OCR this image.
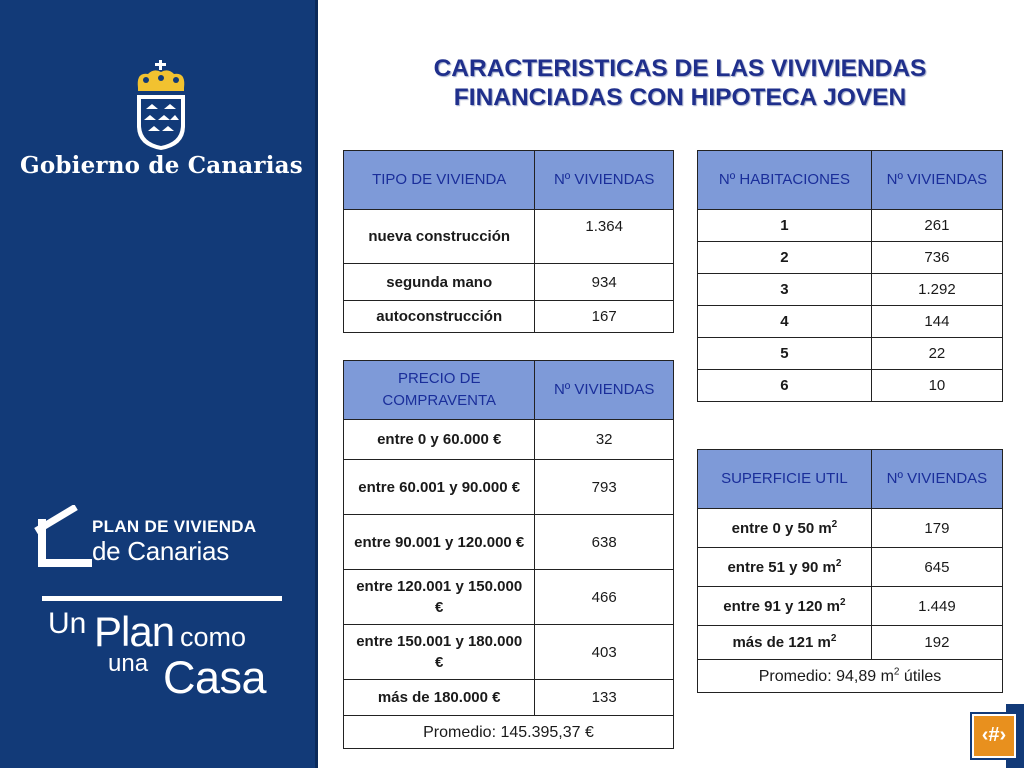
Gobierno de Canarias
PLAN DE VIVIENDA
de Canarias
Un Plan como
una Casa
CARACTERISTICAS DE LAS VIVIVIENDAS
FINANCIADAS CON HIPOTECA JOVEN
TIPO DE VIVIENDA	Nº VIVIENDAS
nueva construcción	1.364
segunda mano	934
autoconstrucción	167
PRECIO DE COMPRAVENTA	Nº VIVIENDAS
entre 0 y 60.000 €	32
entre 60.001 y 90.000 €	793
entre 90.001 y 120.000 €	638
entre 120.001 y 150.000 €	466
entre 150.001 y 180.000 €	403
más de 180.000 €	133
Promedio: 145.395,37 €	
Nº HABITACIONES	Nº VIVIENDAS
1	261
2	736
3	1.292
4	144
5	22
6	10
SUPERFICIE UTIL	Nº VIVIENDAS
entre 0 y 50 $m^2$	179
entre 51 y 90 $m^2$	645
entre 91 y 120 $m^2$	1.449
más de 121 $m^2$	192
Promedio: 94,89 $m^2$ útiles	
‹#›
